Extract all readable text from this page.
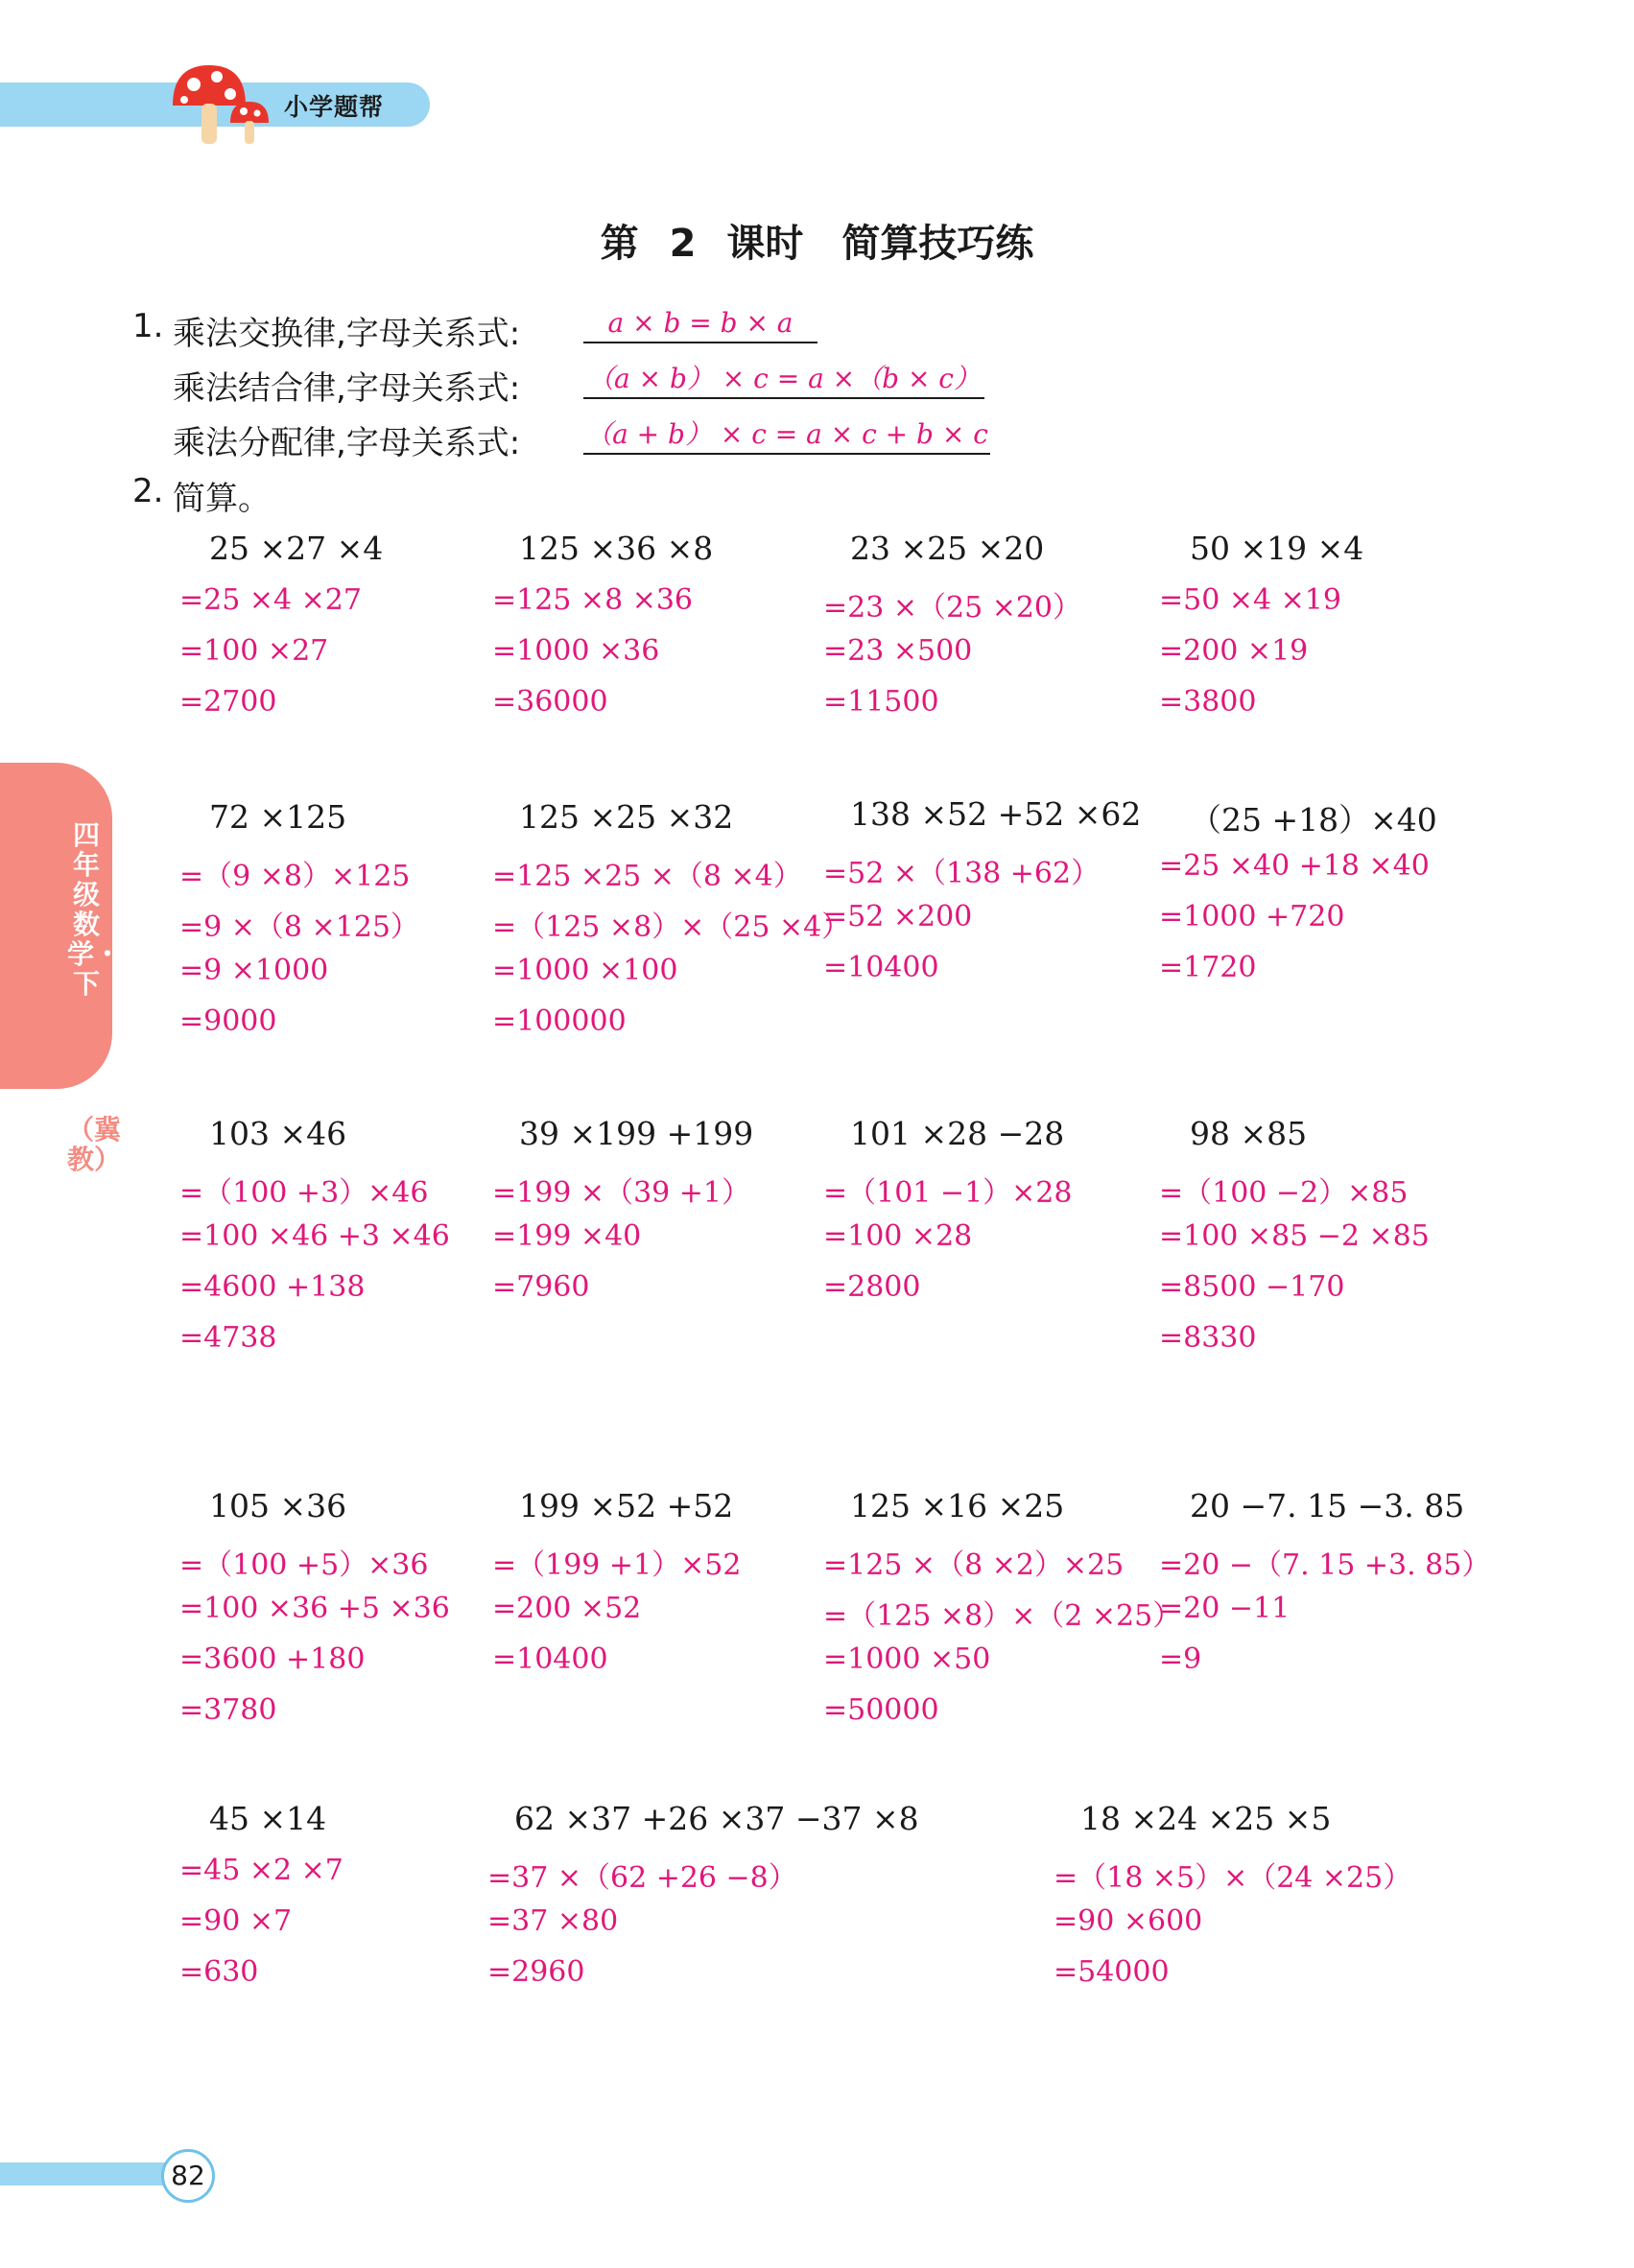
小学题帮
第 2 课时　简算技巧练
四年级数学・下
（冀教）
1. 乘法交换律,字母关系式:	a × b = b × a
乘法结合律,字母关系式: （a × b） × c = a ×（b × c）
乘法分配律,字母关系式: （a + b） × c = a × c + b × c
2. 简算。
25 ×27 ×4
=25 ×4 ×27
=100 ×27
=2700
125 ×36 ×8
=125 ×8 ×36
=1000 ×36
=36000
23 ×25 ×20
=23 ×（25 ×20）
=23 ×500
=11500
50 ×19 ×4
=50 ×4 ×19
=200 ×19
=3800
72 ×125
=（9 ×8）×125
=9 ×（8 ×125）
=9 ×1000
=9000
125 ×25 ×32
=125 ×25 ×（8 ×4）
=（125 ×8）×（25 ×4）
=1000 ×100
=100000
138 ×52 +52 ×62
=52 ×（138 +62）
=52 ×200
=10400
（25 +18）×40
=25 ×40 +18 ×40
=1000 +720
=1720
103 ×46
=（100 +3）×46
=100 ×46 +3 ×46
=4600 +138
=4738
39 ×199 +199
=199 ×（39 +1）
=199 ×40
=7960
101 ×28 −28
=（101 −1）×28
=100 ×28
=2800
98 ×85
=（100 −2）×85
=100 ×85 −2 ×85
=8500 −170
=8330
105 ×36
=（100 +5）×36
=100 ×36 +5 ×36
=3600 +180
=3780
199 ×52 +52
=（199 +1）×52
=200 ×52
=10400
125 ×16 ×25
=125 ×（8 ×2）×25
=（125 ×8）×（2 ×25）
=1000 ×50
=50000
20 −7. 15 −3. 85
=20 −（7. 15 +3. 85）
=20 −11
=9
45 ×14
=45 ×2 ×7
=90 ×7
=630
62 ×37 +26 ×37 −37 ×8
=37 ×（62 +26 −8）
=37 ×80
=2960
18 ×24 ×25 ×5
=（18 ×5）×（24 ×25）
=90 ×600
=54000
82
